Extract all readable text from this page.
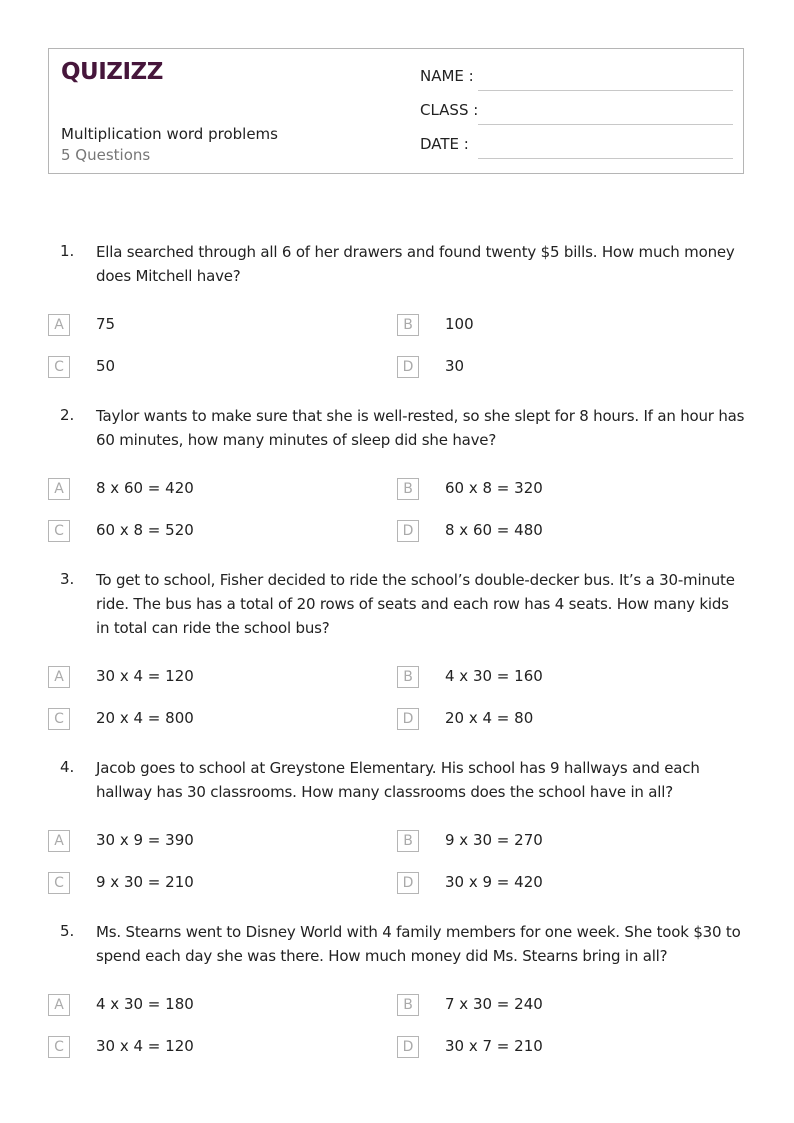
QUIZIZZ
Multiplication word problems
5 Questions
NAME :
CLASS :
DATE :
1. Ella searched through all 6 of her drawers and found twenty $5 bills. How much money does Mitchell have?
A	75	B	100
C	50	D	30
2. Taylor wants to make sure that she is well-rested, so she slept for 8 hours. If an hour has 60 minutes, how many minutes of sleep did she have?
A	8 x 60 = 420	B	60 x 8 = 320
C	60 x 8 = 520	D	8 x 60 = 480
3. To get to school, Fisher decided to ride the school’s double-decker bus. It’s a 30-minute ride. The bus has a total of 20 rows of seats and each row has 4 seats. How many kids in total can ride the school bus?
A	30 x 4 = 120	B	4 x 30 = 160
C	20 x 4 = 800	D	20 x 4 = 80
4. Jacob goes to school at Greystone Elementary. His school has 9 hallways and each hallway has 30 classrooms. How many classrooms does the school have in all?
A	30 x 9 = 390	B	9 x 30 = 270
C	9 x 30 = 210	D	30 x 9 = 420
5. Ms. Stearns went to Disney World with 4 family members for one week. She took $30 to spend each day she was there. How much money did Ms. Stearns bring in all?
A	4 x 30 = 180	B	7 x 30 = 240
C	30 x 4 = 120	D	30 x 7 = 210
